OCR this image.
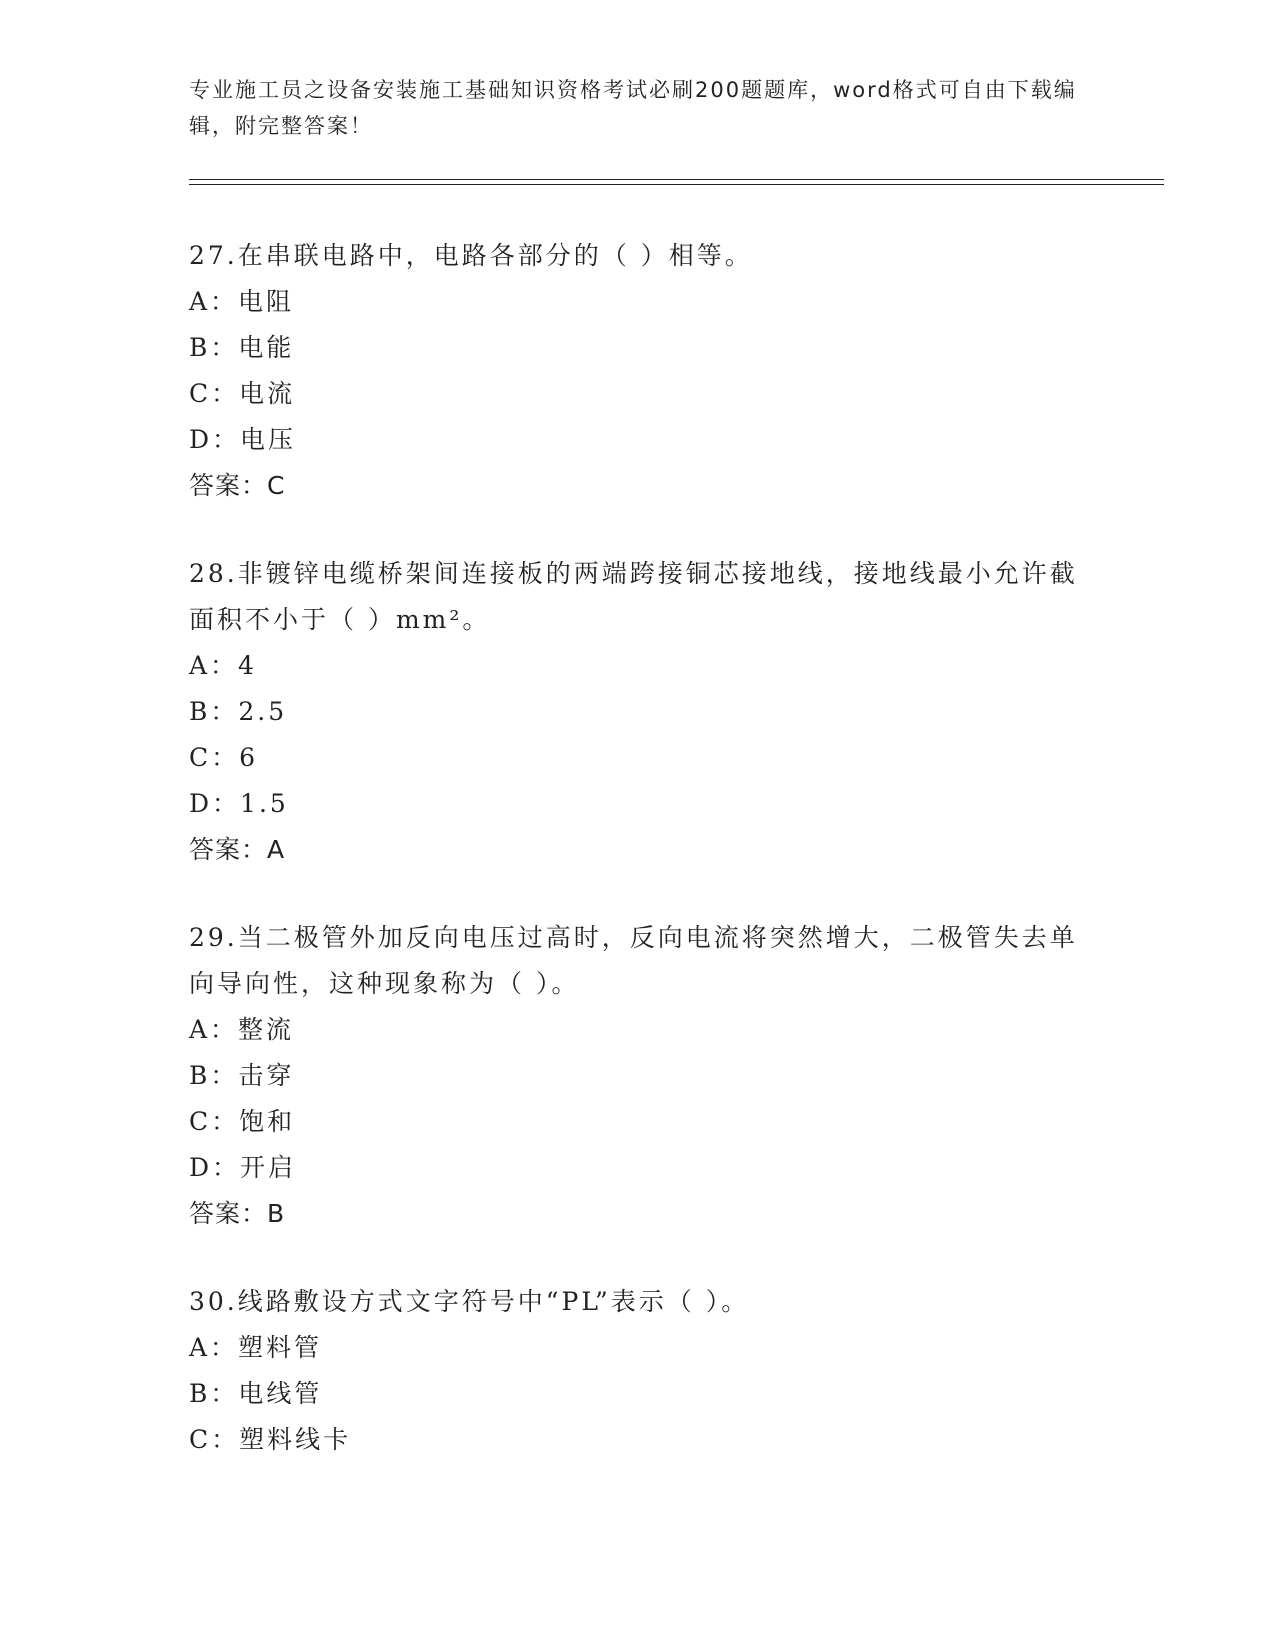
专业施工员之设备安装施工基础知识资格考试必刷200题题库，word格式可自由下载编辑，附完整答案！
27.在串联电路中，电路各部分的（ ）相等。
A：电阻
B：电能
C：电流
D：电压
答案：C
28.非镀锌电缆桥架间连接板的两端跨接铜芯接地线，接地线最小允许截面积不小于（ ）mm²。
A：4
B：2.5
C：6
D：1.5
答案：A
29.当二极管外加反向电压过高时，反向电流将突然增大，二极管失去单向导向性，这种现象称为（ ）。
A：整流
B：击穿
C：饱和
D：开启
答案：B
30.线路敷设方式文字符号中“PL”表示（ ）。
A：塑料管
B：电线管
C：塑料线卡
